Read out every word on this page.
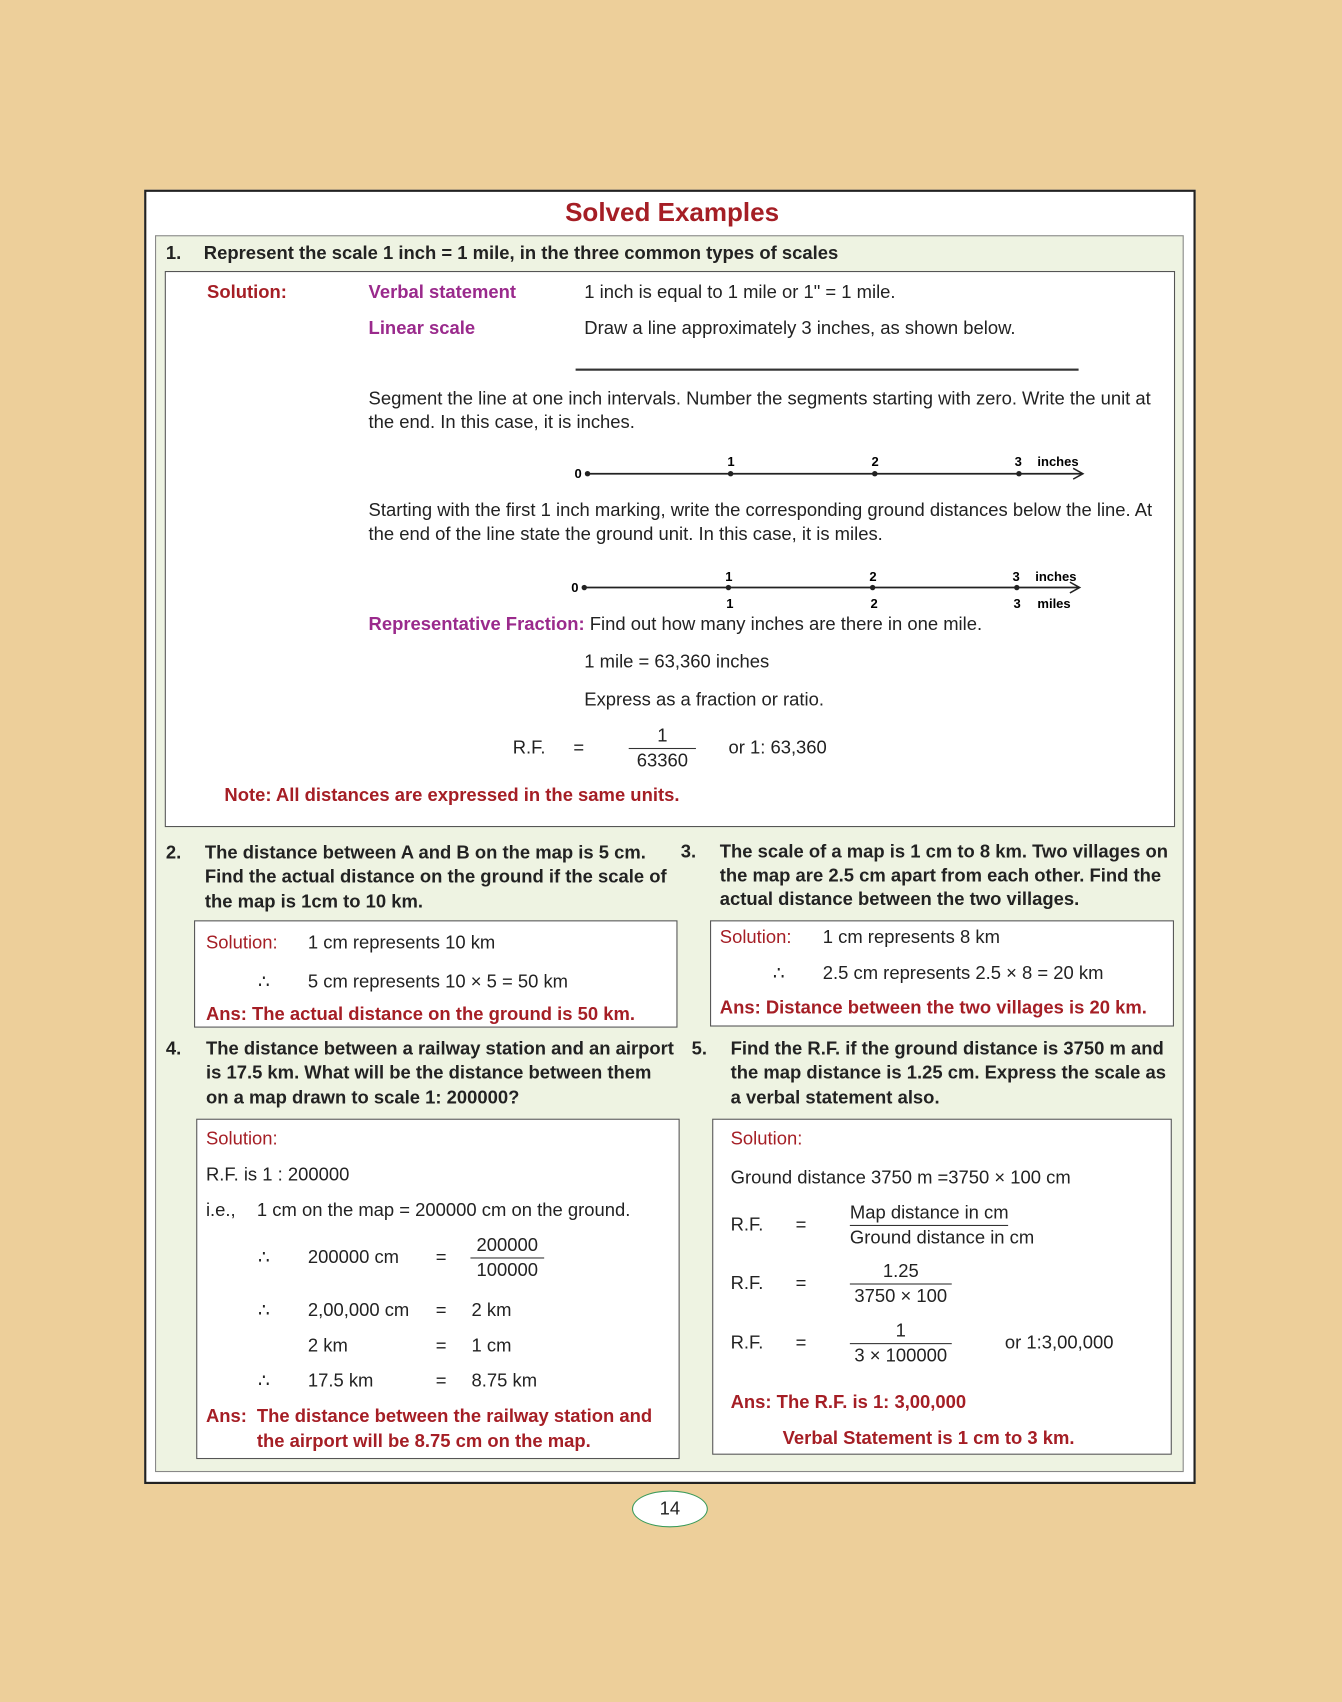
Solved Examples
1. Represent the scale 1 inch = 1 mile, in the three common types of scales
Solution:	Verbal statement	1 inch is equal to 1 mile or 1" = 1 mile.
Linear scale	Draw a line approximately 3 inches, as shown below.
Segment the line at one inch intervals. Number the segments starting with zero. Write the unit at the end. In this case, it is inches.
0
1	2	3 inches
Starting with the first 1 inch marking, write the corresponding ground distances below the line. At the end of the line state the ground unit. In this case, it is miles.
0
1	2	3 inches
1	2	3 miles
Representative Fraction: Find out how many inches are there in one mile.
1 mile = 63,360 inches
Express as a fraction or ratio.
R.F. =	$\frac{1}{63360}$ or 1: 63,360
Note: All distances are expressed in the same units.
2. The distance between A and B on the map is 5 cm.
Find the actual distance on the ground if the scale of
the map is 1cm to 10 km.
Solution: 1 cm represents 10 km
∴ 5 cm represents 10 × 5 = 50 km
Ans: The actual distance on the ground is 50 km.
3. The scale of a map is 1 cm to 8 km. Two villages on
the map are 2.5 cm apart from each other. Find the
actual distance between the two villages.
Solution: 1 cm represents 8 km
∴ 2.5 cm represents 2.5 × 8 = 20 km
Ans: Distance between the two villages is 20 km.
4. The distance between a railway station and an airport
is 17.5 km. What will be the distance between them
on a map drawn to scale 1: 200000?
Solution:
R.F. is 1 : 200000
i.e., 1 cm on the map = 200000 cm on the ground.
∴ 200000 cm = $\frac{200000}{100000}$
∴ 2,00,000 cm = 2 km
2 km	= 1 cm
∴ 17.5 km	= 8.75 km
Ans: The distance between the railway station and
the airport will be 8.75 cm on the map.
5. Find the R.F. if the ground distance is 3750 m and
the map distance is 1.25 cm. Express the scale as
a verbal statement also.
Solution:
Ground distance 3750 m =3750 × 100 cm
R.F. =
Map distance in cm
Ground distance in cm
R.F. =	$\frac{1.25}{3750 \times 100}$
R.F. =	$\frac{1}{3 \times 100000}$	or 1:3,00,000
Ans: The R.F. is 1: 3,00,000
Verbal Statement is 1 cm to 3 km.
14
